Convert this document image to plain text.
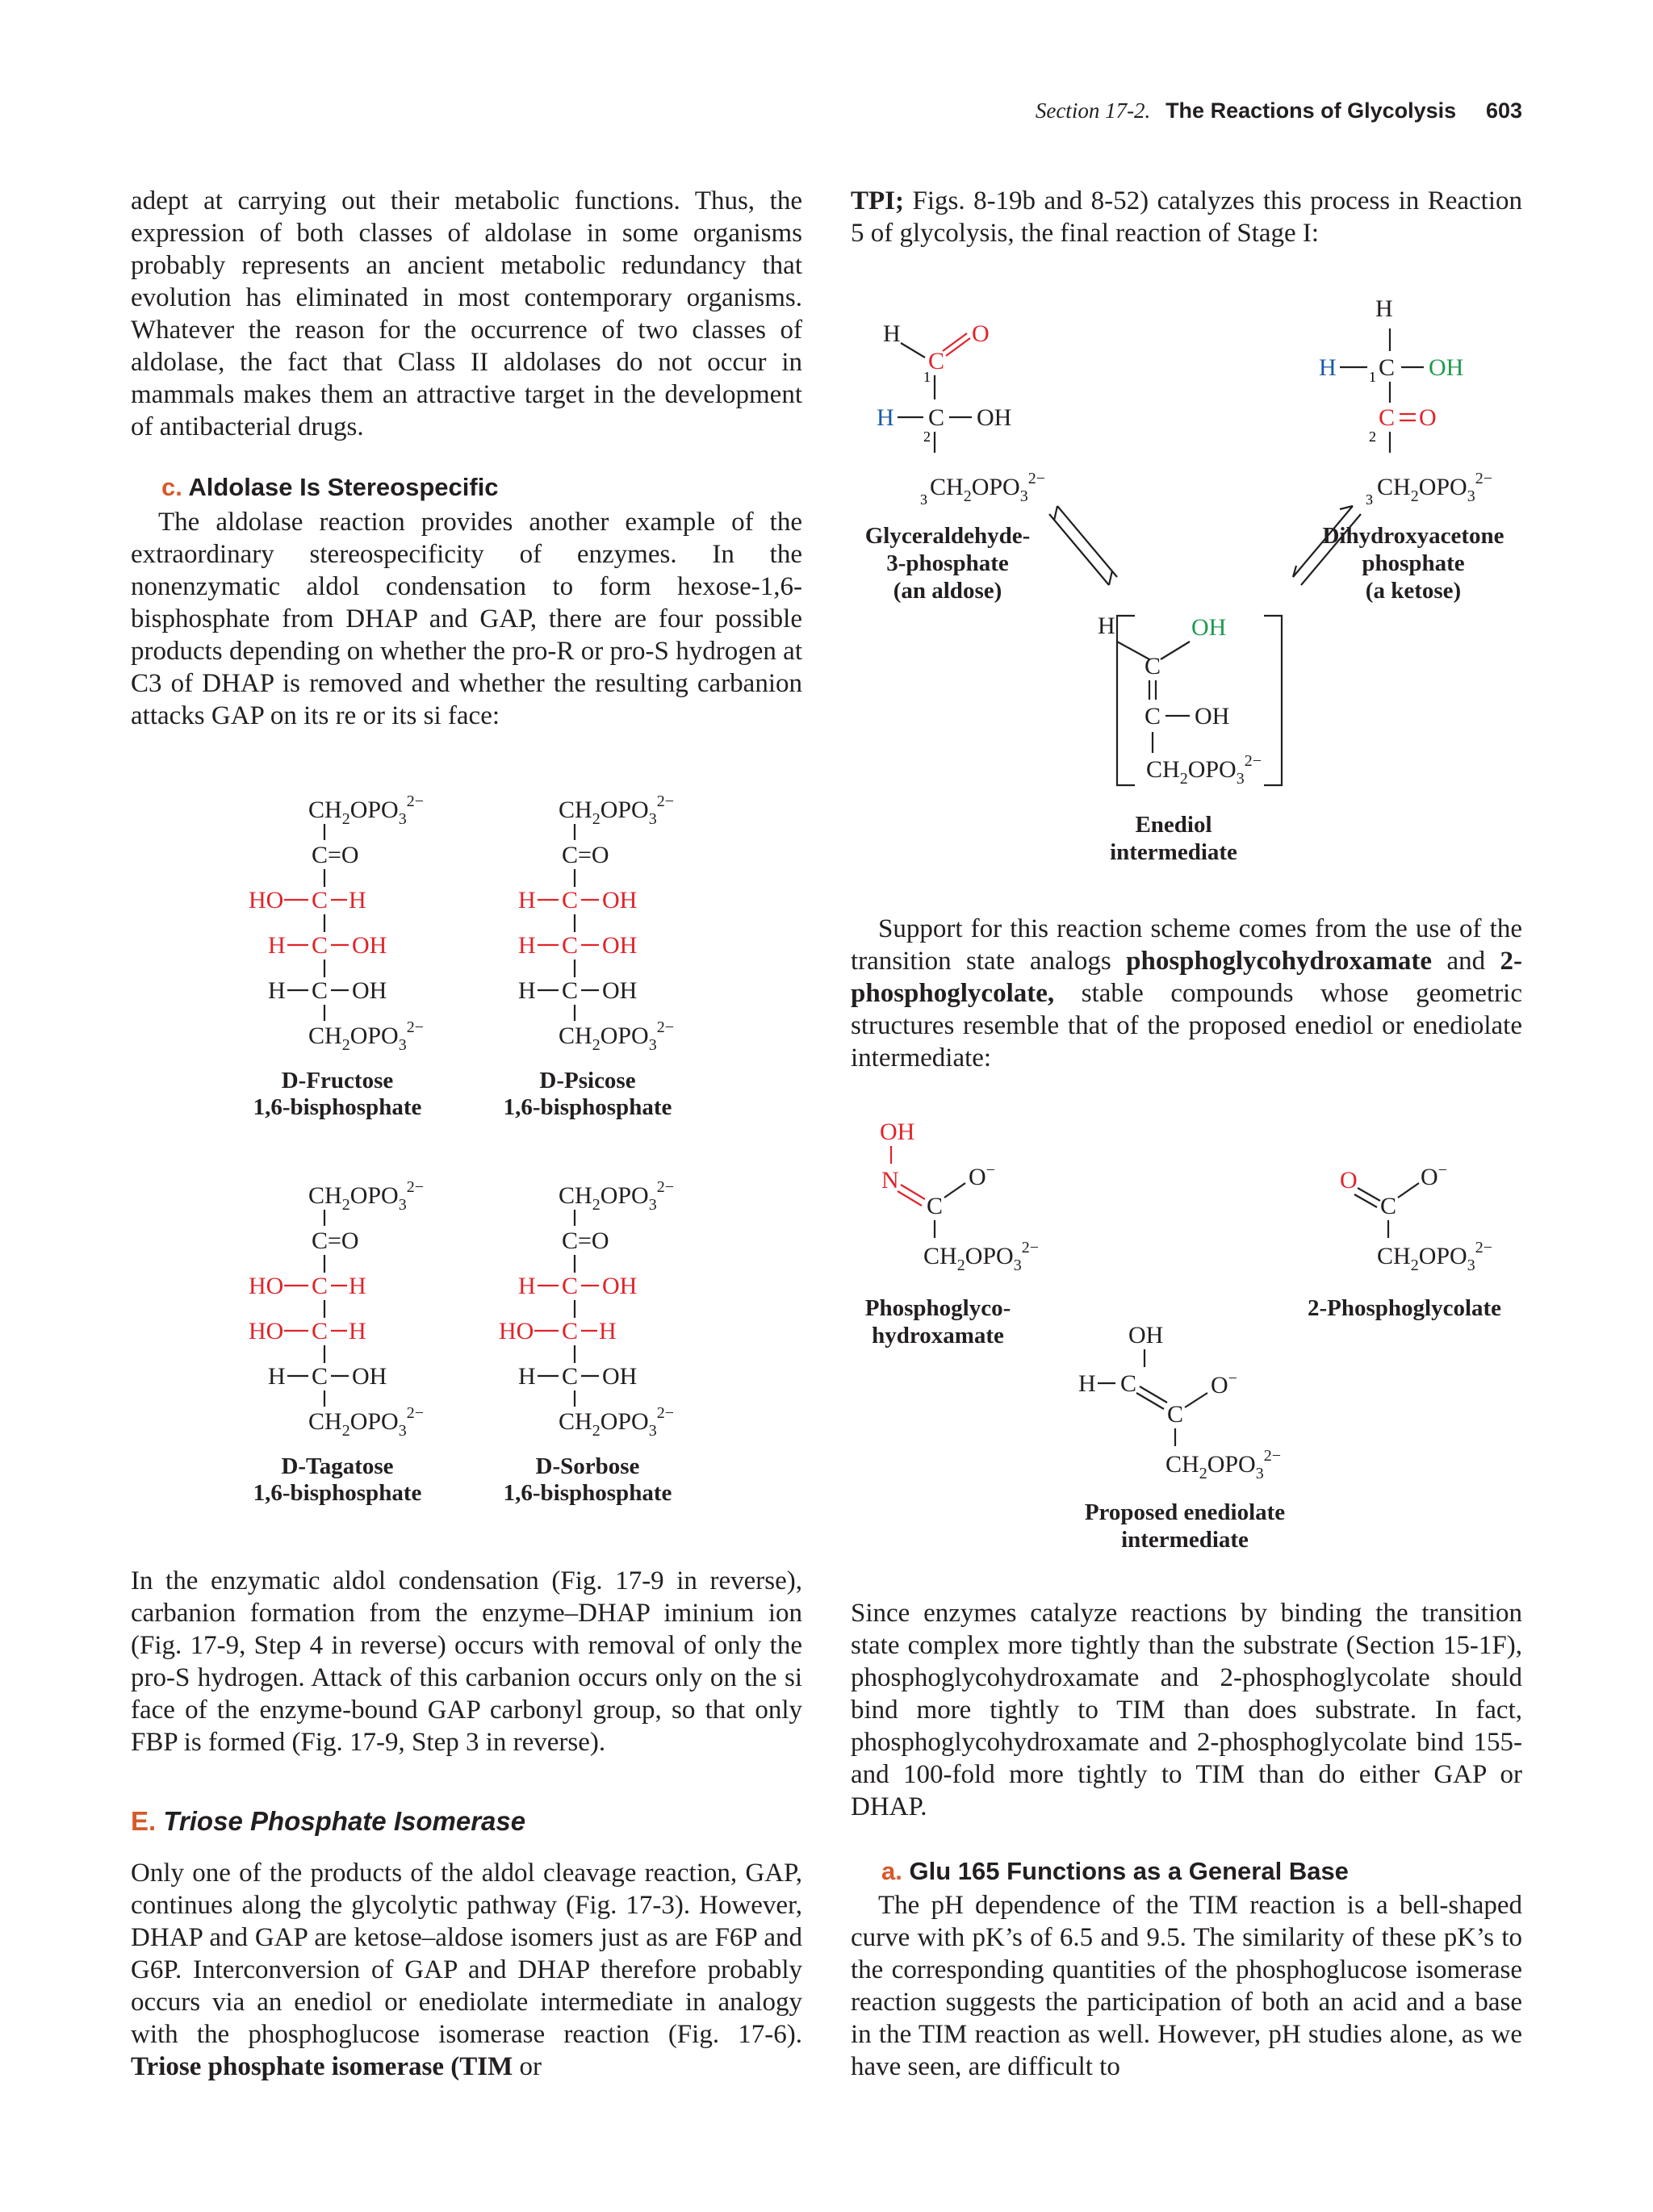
Section 17-2. The Reactions of Glycolysis 603

adept at carrying out their metabolic functions. Thus, the expression of both classes of aldolase in some organisms probably represents an ancient metabolic redundancy that evolution has eliminated in most contemporary organisms. Whatever the reason for the occurrence of two classes of aldolase, the fact that Class II aldolases do not occur in mammals makes them an attractive target in the development of antibacterial drugs.

c. Aldolase Is Stereospecific

The aldolase reaction provides another example of the extraordinary stereospecificity of enzymes. In the nonenzymatic aldol condensation to form hexose-1,6-bisphosphate from DHAP and GAP, there are four possible products depending on whether the pro-R or pro-S hydrogen at C3 of DHAP is removed and whether the resulting carbanion attacks GAP on its re or its si face:

$CH_2OPO_3^{2-}$
C=O
HO C H
H C OH
H C OH
$CH_2OPO_3^{2-}$
D-Fructose
1,6-bisphosphate
$CH_2OPO_3^{2-}$
C=O
H C OH
H C OH
H C OH
$CH_2OPO_3^{2-}$
D-Psicose
1,6-bisphosphate
$CH_2OPO_3^{2-}$
C=O
HO C H
HO C H
H C OH
$CH_2OPO_3^{2-}$
D-Tagatose
1,6-bisphosphate
$CH_2OPO_3^{2-}$
C=O
H C OH
HO C H
H C OH
$CH_2OPO_3^{2-}$
D-Sorbose
1,6-bisphosphate

In the enzymatic aldol condensation (Fig. 17-9 in reverse), carbanion formation from the enzyme–DHAP iminium ion (Fig. 17-9, Step 4 in reverse) occurs with removal of only the pro-S hydrogen. Attack of this carbanion occurs only on the si face of the enzyme-bound GAP carbonyl group, so that only FBP is formed (Fig. 17-9, Step 3 in reverse).

E. Triose Phosphate Isomerase

Only one of the products of the aldol cleavage reaction, GAP, continues along the glycolytic pathway (Fig. 17-3). However, DHAP and GAP are ketose–aldose isomers just as are F6P and G6P. Interconversion of GAP and DHAP therefore probably occurs via an enediol or enediolate intermediate in analogy with the phosphoglucose isomerase reaction (Fig. 17-6). Triose phosphate isomerase (TIM or

TPI; Figs. 8-19b and 8-52) catalyzes this process in Reaction 5 of glycolysis, the final reaction of Stage I:

H
C
1
O
H C OH
2
3 $CH_2OPO_3^{2-}$
Glyceraldehyde-
3-phosphate
(an aldose)
H
H 1 C OH
C O
2
3 $CH_2OPO_3^{2-}$
Dihydroxyacetone
phosphate
(a ketose)
H
C
OH
C OH
$CH_2OPO_3^{2-}$
Enediol
intermediate

Support for this reaction scheme comes from the use of the transition state analogs phosphoglycohydroxamate and 2-phosphoglycolate, stable compounds whose geometric structures resemble that of the proposed enediol or enediolate intermediate:

OH
N
C
O−
$CH_2OPO_3^{2-}$
Phosphoglyco-
hydroxamate
O
C
O−
$CH_2OPO_3^{2-}$
2-Phosphoglycolate
OH
H C
C
O−
$CH_2OPO_3^{2-}$
Proposed enediolate
intermediate

Since enzymes catalyze reactions by binding the transition state complex more tightly than the substrate (Section 15-1F), phosphoglycohydroxamate and 2-phosphoglycolate should bind more tightly to TIM than does substrate. In fact, phosphoglycohydroxamate and 2-phosphoglycolate bind 155- and 100-fold more tightly to TIM than do either GAP or DHAP.

a. Glu 165 Functions as a General Base

The pH dependence of the TIM reaction is a bell-shaped curve with pK’s of 6.5 and 9.5. The similarity of these pK’s to the corresponding quantities of the phosphoglucose isomerase reaction suggests the participation of both an acid and a base in the TIM reaction as well. However, pH studies alone, as we have seen, are difficult to
